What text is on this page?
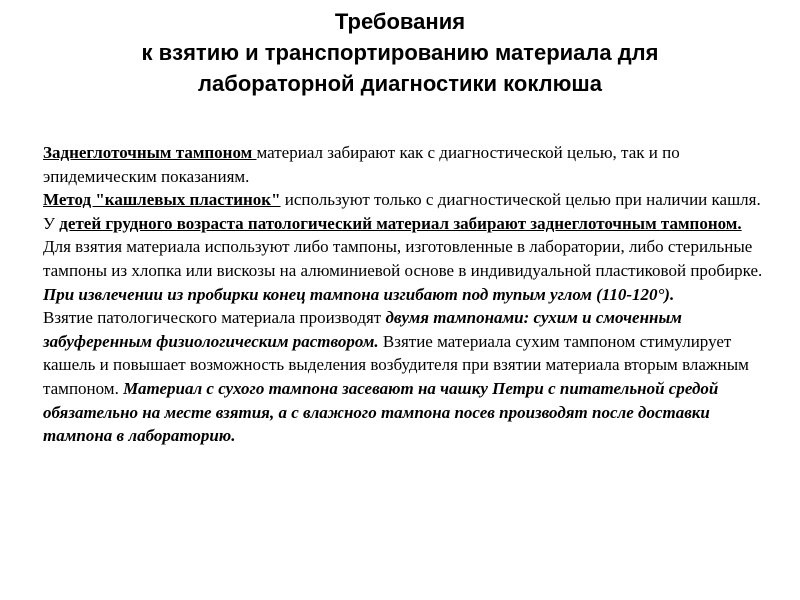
Требования
к взятию и транспортированию материала для
лабораторной диагностики коклюша

Заднеглоточным тампоном материал забирают как с диагностической целью, так и по эпидемическим показаниям.

Метод "кашлевых пластинок" используют только с диагностической целью при наличии кашля.

У детей грудного возраста патологический материал забирают заднеглоточным тампоном.

Для взятия материала используют либо тампоны, изготовленные в лаборатории, либо стерильные тампоны из хлопка или вискозы на алюминиевой основе в индивидуальной пластиковой пробирке. При извлечении из пробирки конец тампона изгибают под тупым углом (110-120°).

Взятие патологического материала производят двумя тампонами: сухим и смоченным забуференным физиологическим раствором. Взятие материала сухим тампоном стимулирует кашель и повышает возможность выделения возбудителя при взятии материала вторым влажным тампоном. Материал с сухого тампона засевают на чашку Петри с питательной средой обязательно на месте взятия, а с влажного тампона посев производят после доставки тампона в лабораторию.
